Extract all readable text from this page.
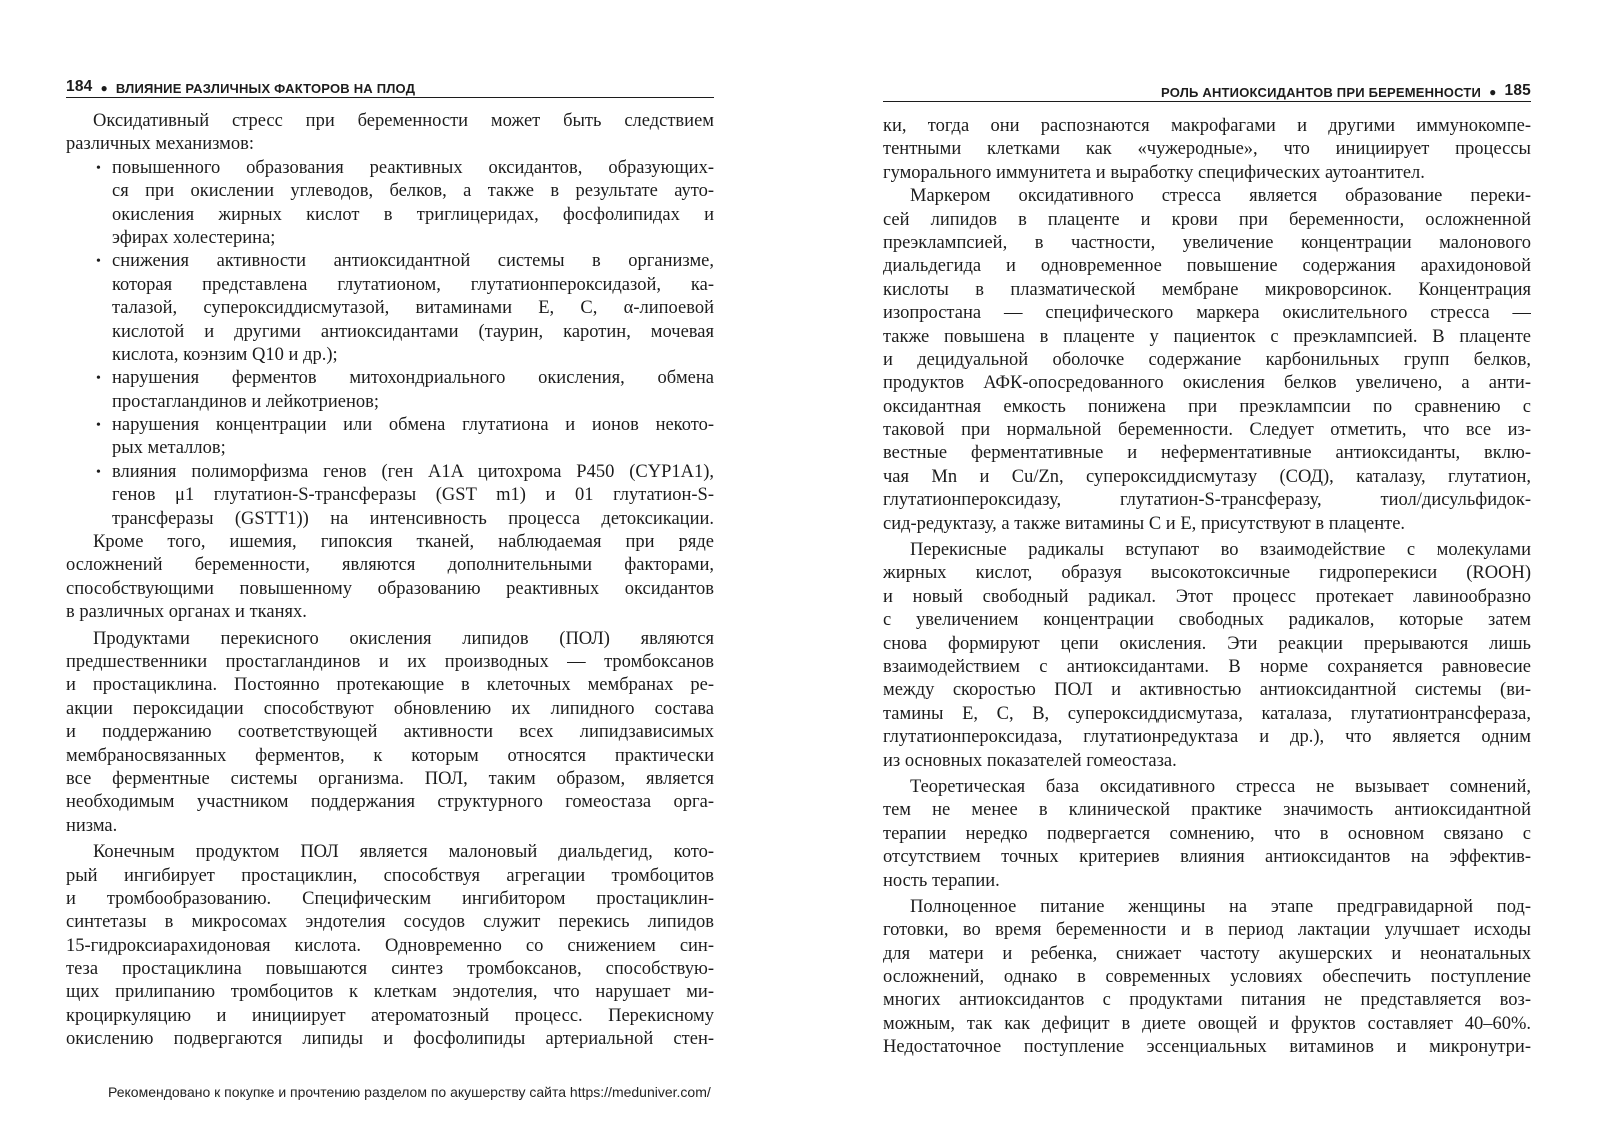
184 ● ВЛИЯНИЕ РАЗЛИЧНЫХ ФАКТОРОВ НА ПЛОД
Оксидативный стресс при беременности может быть следствием
различных механизмов:
• повышенного образования реактивных оксидантов, образующих-
ся при окислении углеводов, белков, а также в результате ауто-
окисления жирных кислот в триглицеридах, фосфолипидах и
эфирах холестерина;
• снижения активности антиоксидантной системы в организме,
которая представлена глутатионом, глутатионпероксидазой, ка-
талазой, супероксиддисмутазой, витаминами Е, С, α-липоевой
кислотой и другими антиоксидантами (таурин, каротин, мочевая
кислота, коэнзим Q10 и др.);
• нарушения ферментов митохондриального окисления, обмена
простагландинов и лейкотриенов;
• нарушения концентрации или обмена глутатиона и ионов некото-
рых металлов;
• влияния полиморфизма генов (ген A1A цитохрома P450 (CYP1A1),
генов μ1 глутатион-S-трансферазы (GST m1) и 01 глутатион-S-
трансферазы (GSTT1)) на интенсивность процесса детоксикации.
Кроме того, ишемия, гипоксия тканей, наблюдаемая при ряде
осложнений беременности, являются дополнительными факторами,
способствующими повышенному образованию реактивных оксидантов
в различных органах и тканях.
Продуктами перекисного окисления липидов (ПОЛ) являются
предшественники простагландинов и их производных — тромбоксанов
и простациклина. Постоянно протекающие в клеточных мембранах ре-
акции пероксидации способствуют обновлению их липидного состава
и поддержанию соответствующей активности всех липидзависимых
мембраносвязанных ферментов, к которым относятся практически
все ферментные системы организма. ПОЛ, таким образом, является
необходимым участником поддержания структурного гомеостаза орга-
низма.
Конечным продуктом ПОЛ является малоновый диальдегид, кото-
рый ингибирует простациклин, способствуя агрегации тромбоцитов
и тромбообразованию. Специфическим ингибитором простациклин-
синтетазы в микросомах эндотелия сосудов служит перекись липидов
15-гидроксиарахидоновая кислота. Одновременно со снижением син-
теза простациклина повышаются синтез тромбоксанов, способствую-
щих прилипанию тромбоцитов к клеткам эндотелия, что нарушает ми-
кроциркуляцию и инициирует атероматозный процесс. Перекисному
окислению подвергаются липиды и фосфолипиды артериальной стен-
РОЛЬ АНТИОКСИДАНТОВ ПРИ БЕРЕМЕННОСТИ ● 185
ки, тогда они распознаются макрофагами и другими иммунокомпе-
тентными клетками как «чужеродные», что инициирует процессы
гуморального иммунитета и выработку специфических аутоантител.
Маркером оксидативного стресса является образование переки-
сей липидов в плаценте и крови при беременности, осложненной
преэклампсией, в частности, увеличение концентрации малонового
диальдегида и одновременное повышение содержания арахидоновой
кислоты в плазматической мембране микроворсинок. Концентрация
изопростана — специфического маркера окислительного стресса —
также повышена в плаценте у пациенток с преэклампсией. В плаценте
и децидуальной оболочке содержание карбонильных групп белков,
продуктов АФК-опосредованного окисления белков увеличено, а анти-
оксидантная емкость понижена при преэклампсии по сравнению с
таковой при нормальной беременности. Следует отметить, что все из-
вестные ферментативные и неферментативные антиоксиданты, вклю-
чая Mn и Cu/Zn, супероксиддисмутазу (СОД), каталазу, глутатион,
глутатионпероксидазу, глутатион-S-трансферазу, тиол/дисульфидок-
сид-редуктазу, а также витамины С и Е, присутствуют в плаценте.
Перекисные радикалы вступают во взаимодействие с молекулами
жирных кислот, образуя высокотоксичные гидроперекиси (ROOH)
и новый свободный радикал. Этот процесс протекает лавинообразно
с увеличением концентрации свободных радикалов, которые затем
снова формируют цепи окисления. Эти реакции прерываются лишь
взаимодействием с антиоксидантами. В норме сохраняется равновесие
между скоростью ПОЛ и активностью антиоксидантной системы (ви-
тамины Е, С, В, супероксиддисмутаза, каталаза, глутатионтрансфераза,
глутатионпероксидаза, глутатионредуктаза и др.), что является одним
из основных показателей гомеостаза.
Теоретическая база оксидативного стресса не вызывает сомнений,
тем не менее в клинической практике значимость антиоксидантной
терапии нередко подвергается сомнению, что в основном связано с
отсутствием точных критериев влияния антиоксидантов на эффектив-
ность терапии.
Полноценное питание женщины на этапе предгравидарной под-
готовки, во время беременности и в период лактации улучшает исходы
для матери и ребенка, снижает частоту акушерских и неонатальных
осложнений, однако в современных условиях обеспечить поступление
многих антиоксидантов с продуктами питания не представляется воз-
можным, так как дефицит в диете овощей и фруктов составляет 40–60%.
Недостаточное поступление эссенциальных витаминов и микронутри-
Рекомендовано к покупке и прочтению разделом по акушерству сайта https://meduniver.com/
